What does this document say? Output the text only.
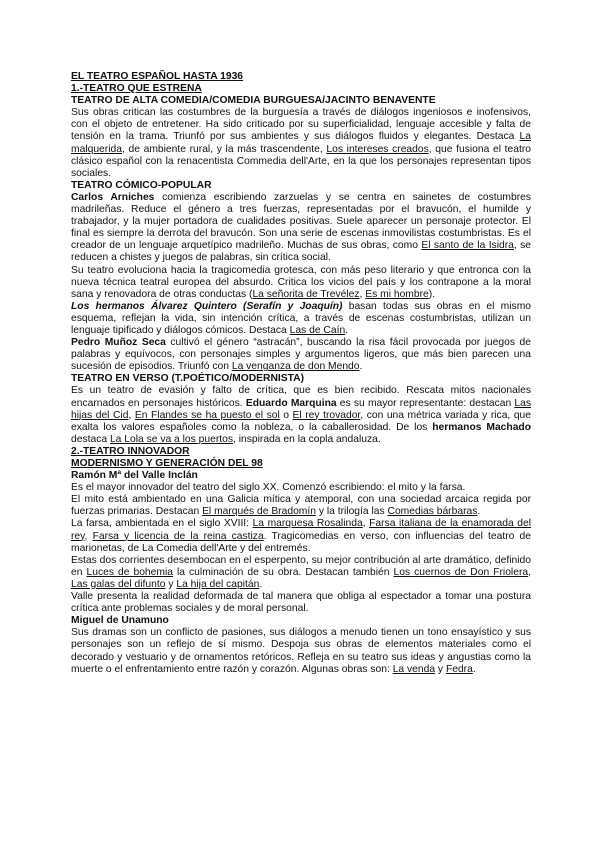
EL TEATRO ESPAÑOL HASTA 1936
1.-TEATRO QUE ESTRENA
TEATRO DE ALTA COMEDIA/COMEDIA BURGUESA/JACINTO BENAVENTE

Sus obras critican las costumbres de la burguesía a través de diálogos ingeniosos e inofensivos, con el objeto de entretener. Ha sido criticado por su superficialidad, lenguaje accesible y falta de tensión en la trama. Triunfó por sus ambientes y sus diálogos fluidos y elegantes. Destaca La malquerida, de ambiente rural, y la más trascendente, Los intereses creados, que fusiona el teatro clásico español con la renacentista Commedia dell'Arte, en la que los personajes representan tipos sociales.

TEATRO CÓMICO-POPULAR

Carlos Arniches comienza escribiendo zarzuelas y se centra en sainetes de costumbres madrileñas. Reduce el género a tres fuerzas, representadas por el bravucón, el humilde y trabajador, y la mujer portadora de cualidades positivas. Suele aparecer un personaje protector. El final es siempre la derrota del bravucón. Son una serie de escenas inmovilistas costumbristas. Es el creador de un lenguaje arquetípico madrileño. Muchas de sus obras, como El santo de la Isidra, se reducen a chistes y juegos de palabras, sin crítica social.

Su teatro evoluciona hacia la tragicomedia grotesca, con más peso literario y que entronca con la nueva técnica teatral europea del absurdo. Critica los vicios del país y los contrapone a la moral sana y renovadora de otras conductas (La señorita de Trevélez, Es mi hombre).

Los hermanos Álvarez Quintero (Serafín y Joaquín) basan todas sus obras en el mismo esquema, reflejan la vida, sin intención crítica, a través de escenas costumbristas, utilizan un lenguaje tipificado y diálogos cómicos. Destaca Las de Caín.

Pedro Muñoz Seca cultivó el género “astracán”, buscando la risa fácil provocada por juegos de palabras y equívocos, con personajes simples y argumentos ligeros, que más bien parecen una sucesión de episodios. Triunfó con La venganza de don Mendo.

TEATRO EN VERSO (T.POÉTICO/MODERNISTA)

Es un teatro de evasión y falto de crítica, que es bien recibido. Rescata mitos nacionales encarnados en personajes históricos. Eduardo Marquina es su mayor representante: destacan Las hijas del Cid, En Flandes se ha puesto el sol o El rey trovador, con una métrica variada y rica, que exalta los valores españoles como la nobleza, o la caballerosidad. De los hermanos Machado destaca La Lola se va a los puertos, inspirada en la copla andaluza.

2.-TEATRO INNOVADOR
MODERNISMO Y GENERACIÓN DEL 98
Ramón Mª del Valle Inclán

Es el mayor innovador del teatro del siglo XX. Comenzó escribiendo: el mito y la farsa.

El mito está ambientado en una Galicia mítica y atemporal, con una sociedad arcaica regida por fuerzas primarias. Destacan El marqués de Bradomín y la trilogía las Comedias bárbaras.

La farsa, ambientada en el siglo XVIII: La marquesa Rosalinda, Farsa italiana de la enamorada del rey, Farsa y licencia de la reina castiza. Tragicomedias en verso, con influencias del teatro de marionetas, de La Comedia dell'Arte y del entremés.

Estas dos corrientes desembocan en el esperpento, su mejor contribución al arte dramático, definido en Luces de bohemia la culminación de su obra. Destacan también Los cuernos de Don Friolera, Las galas del difunto y La hija del capitán.

Valle presenta la realidad deformada de tal manera que obliga al espectador a tomar una postura crítica ante problemas sociales y de moral personal.

Miguel de Unamuno

Sus dramas son un conflicto de pasiones, sus diálogos a menudo tienen un tono ensayístico y sus personajes son un reflejo de sí mismo. Despoja sus obras de elementos materiales como el decorado y vestuario y de ornamentos retóricos. Refleja en su teatro sus ideas y angustias como la muerte o el enfrentamiento entre razón y corazón. Algunas obras son: La venda y Fedra.
